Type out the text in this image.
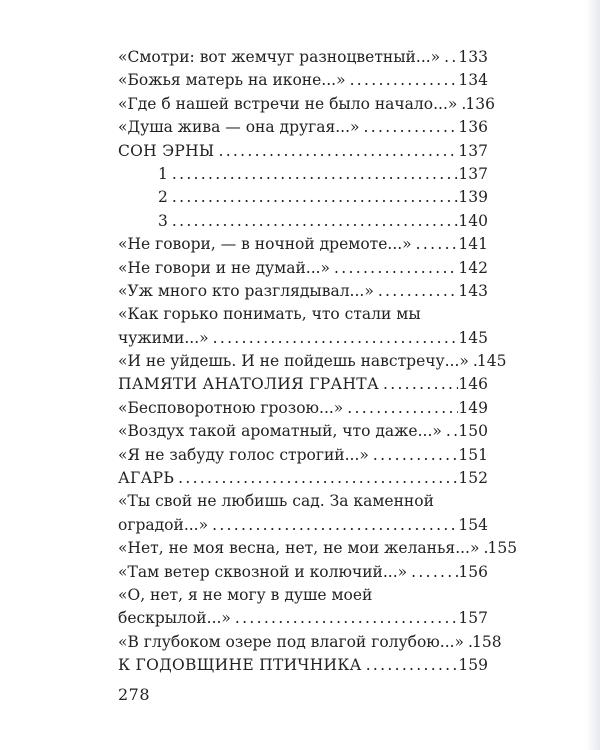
«Смотри: вот жемчуг разноцветный...» ..... 133
«Божья матерь на иконе...» .....	134
«Где б нашей встречи не было начало...» ..... 136
«Душа жива — она другая...» .....	136
СОН ЭРНЫ .....	137
1 .....	137
2 .....	139
3 .....	140
«Не говори, — в ночной дремоте...» .....	141
«Не говори и не думай...» .....	142
«Уж много кто разглядывал...» .....	143
«Как горько понимать, что стали мы
чужими...» .....	145
«И не уйдешь. И не пойдешь навстречу...» ..... 145
ПАМЯТИ АНАТОЛИЯ ГРАНТА .....	146
«Бесповоротною грозою...» .....	149
«Воздух такой ароматный, что даже...» ..... 150
«Я не забуду голос строгий...» .....	151
АГАРЬ .....	152
«Ты свой не любишь сад. За каменной
оградой...» .....	154
«Нет, не моя весна, нет, не мои желанья...» ..... 155
«Там ветер сквозной и колючий...» .....	156
«О, нет, я не могу в душе моей
бескрылой...» .....	157
«В глубоком озере под влагой голубою...» ..... 158
К ГОДОВЩИНЕ ПТИЧНИКА .....	159
278
